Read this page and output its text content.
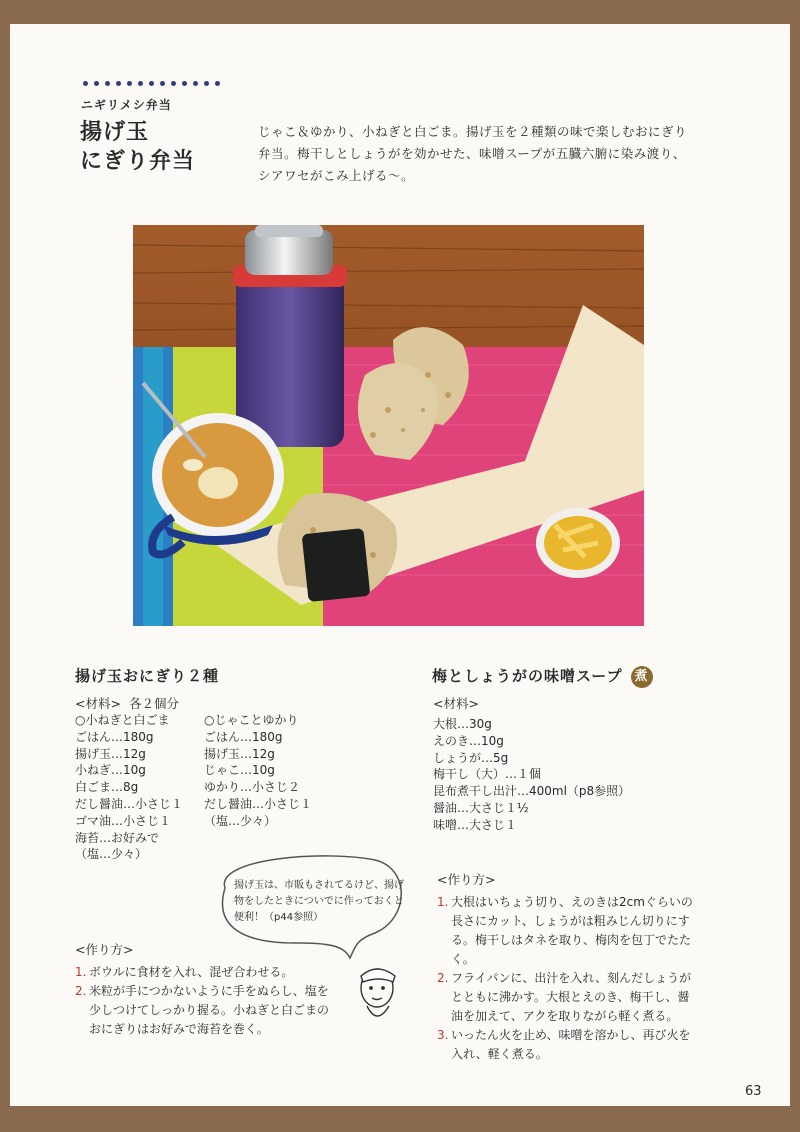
ニギリメシ弁当
揚げ玉
にぎり弁当
じゃこ＆ゆかり、小ねぎと白ごま。揚げ玉を２種類の味で楽しむおにぎり弁当。梅干しとしょうがを効かせた、味噌スープが五臓六腑に染み渡り、シアワセがこみ上げる〜。
揚げ玉おにぎり２種
<材料> 各２個分
○小ねぎと白ごま
ごはん…180g
揚げ玉…12g
小ねぎ…10g
白ごま…8g
だし醤油…小さじ１
ゴマ油…小さじ１
海苔…お好みで
（塩…少々）
○じゃことゆかり
ごはん…180g
揚げ玉…12g
じゃこ…10g
ゆかり…小さじ２
だし醤油…小さじ１
（塩…少々）
揚げ玉は、市販もされてるけど、揚げ物をしたときについでに作っておくと便利！（p44参照）
<作り方>
1. ボウルに食材を入れ、混ぜ合わせる。
2. 米粒が手につかないように手をぬらし、塩を少しつけてしっかり握る。小ねぎと白ごまのおにぎりはお好みで海苔を巻く。
梅としょうがの味噌スープ 煮
<材料>
大根…30g
えのき…10g
しょうが…5g
梅干し（大）…１個
昆布煮干し出汁…400ml（p8参照）
醤油…大さじ１½
味噌…大さじ１
<作り方>
1. 大根はいちょう切り、えのきは2cmぐらいの長さにカット、しょうがは粗みじん切りにする。梅干しはタネを取り、梅肉を包丁でたたく。
2. フライパンに、出汁を入れ、刻んだしょうがとともに沸かす。大根とえのき、梅干し、醤油を加えて、アクを取りながら軽く煮る。
3. いったん火を止め、味噌を溶かし、再び火を入れ、軽く煮る。
63
